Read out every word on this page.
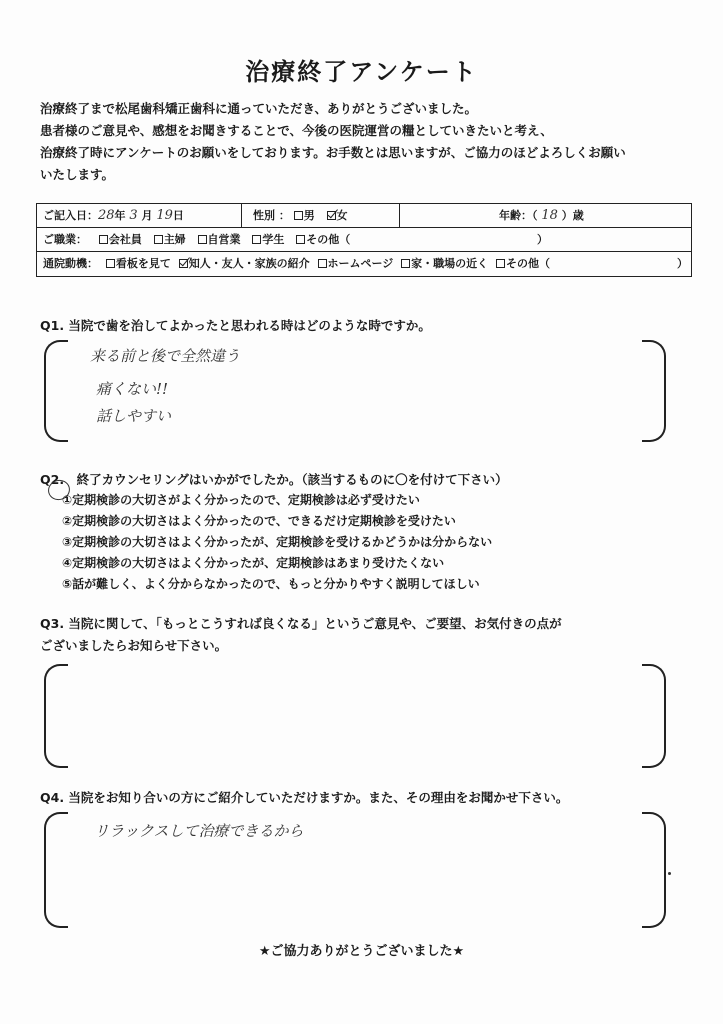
治療終了アンケート
治療終了まで松尾歯科矯正歯科に通っていただき、ありがとうございました。
患者様のご意見や、感想をお聞きすることで、今後の医院運営の糧としていきたいと考え、
治療終了時にアンケートのお願いをしております。お手数とは思いますが、ご協力のほどよろしくお願い
いたします。
ご記入日：28年 3 月 19日	性別 ： 男 女	年齢：（ 18 ）歳
ご職業： 会社員 主婦 自営業 学生 その他（	）
通院動機： 看板を見て 知人・友人・家族の紹介 ホームページ 家・職場の近く その他（	）
Q1. 当院で歯を治してよかったと思われる時はどのような時ですか。
来る前と後で全然違う
痛くない!!
話しやすい
Q2.　終了カウンセリングはいかがでしたか。（該当するものに〇を付けて下さい）
①定期検診の大切さがよく分かったので、定期検診は必ず受けたい
②定期検診の大切さはよく分かったので、できるだけ定期検診を受けたい
③定期検診の大切さはよく分かったが、定期検診を受けるかどうかは分からない
④定期検診の大切さはよく分かったが、定期検診はあまり受けたくない
⑤話が難しく、よく分からなかったので、もっと分かりやすく説明してほしい
Q3. 当院に関して、「もっとこうすれば良くなる」というご意見や、ご要望、お気付きの点が
ございましたらお知らせ下さい。
Q4. 当院をお知り合いの方にご紹介していただけますか。また、その理由をお聞かせ下さい。
リラックスして治療できるから
★ご協力ありがとうございました★
